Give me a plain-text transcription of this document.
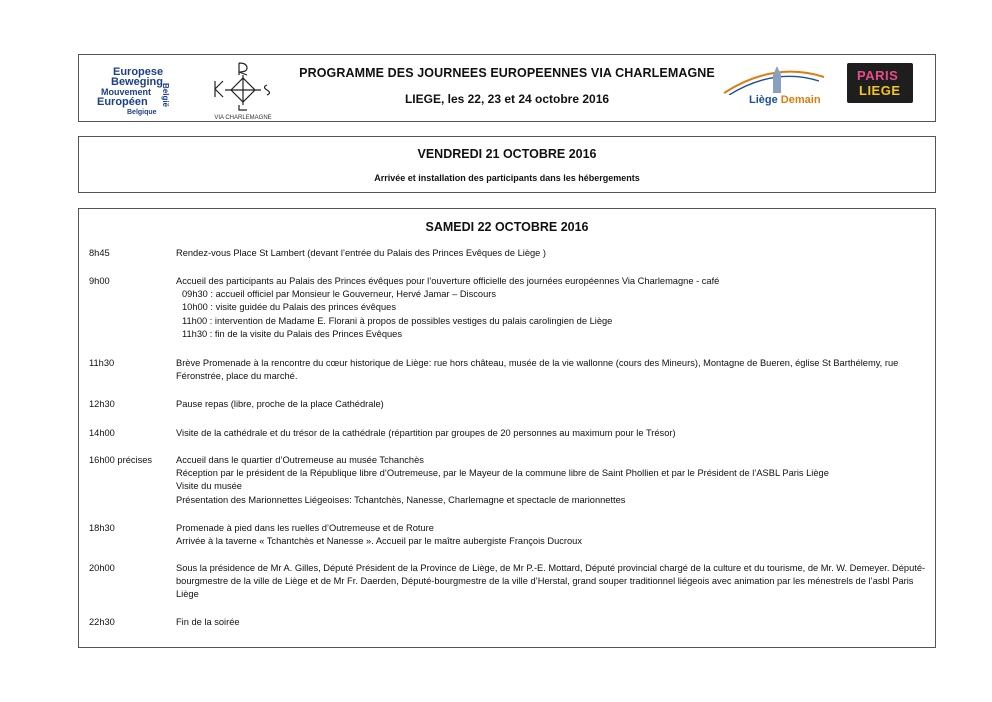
Europese
Beweging
Mouvement
Européen
Belgique
België
VIA CHARLEMAGNE
PROGRAMME DES JOURNEES EUROPEENNES VIA CHARLEMAGNE
LIEGE, les 22, 23 et 24 octobre 2016	Liège Demain
PARIS
LIEGE
VENDREDI 21 OCTOBRE 2016
Arrivée et installation des participants dans les hébergements
SAMEDI 22 OCTOBRE 2016
8h45	Rendez-vous Place St Lambert (devant l’entrée du Palais des Princes Evêques de Liège )
9h00	Accueil des participants au Palais des Princes évêques pour l’ouverture officielle des journées européennes Via Charlemagne - café
09h30 : accueil officiel par Monsieur le Gouverneur, Hervé Jamar – Discours
10h00 : visite guidée du Palais des princes évêques
11h00 : intervention de Madame E. Florani à propos de possibles vestiges du palais carolingien de Liège
11h30 : fin de la visite du Palais des Princes Evêques
11h30	Brève Promenade à la rencontre du cœur historique de Liège: rue hors château, musée de la vie wallonne (cours des Mineurs), Montagne de Bueren, église St Barthélemy, rue Féronstrée, place du marché.
12h30	Pause repas (libre, proche de la place Cathédrale)
14h00	Visite de la cathédrale et du trésor de la cathédrale (répartition par groupes de 20 personnes au maximum pour le Trésor)
16h00 précises	Accueil dans le quartier d’Outremeuse au musée Tchanchès
Réception par le président de la République libre d’Outremeuse, par le Mayeur de la commune libre de Saint Phollien et par le Président de l’ASBL Paris Liège
Visite du musée
Présentation des Marionnettes Liégeoises: Tchantchès, Nanesse, Charlemagne et spectacle de marionnettes
18h30	Promenade à pied dans les ruelles d’Outremeuse et de Roture
Arrivée à la taverne « Tchantchès et Nanesse ». Accueil par le maître aubergiste François Ducroux
20h00	Sous la présidence de Mr A. Gilles, Député Président de la Province de Liège, de Mr P.-E. Mottard, Député provincial chargé de la culture et du tourisme, de Mr. W. Demeyer. Député-bourgmestre de la ville de Liège et de Mr Fr. Daerden, Député-bourgmestre de la ville d’Herstal, grand souper traditionnel liégeois avec animation par les ménestrels de l’asbl Paris Liège
22h30	Fin de la soirée
